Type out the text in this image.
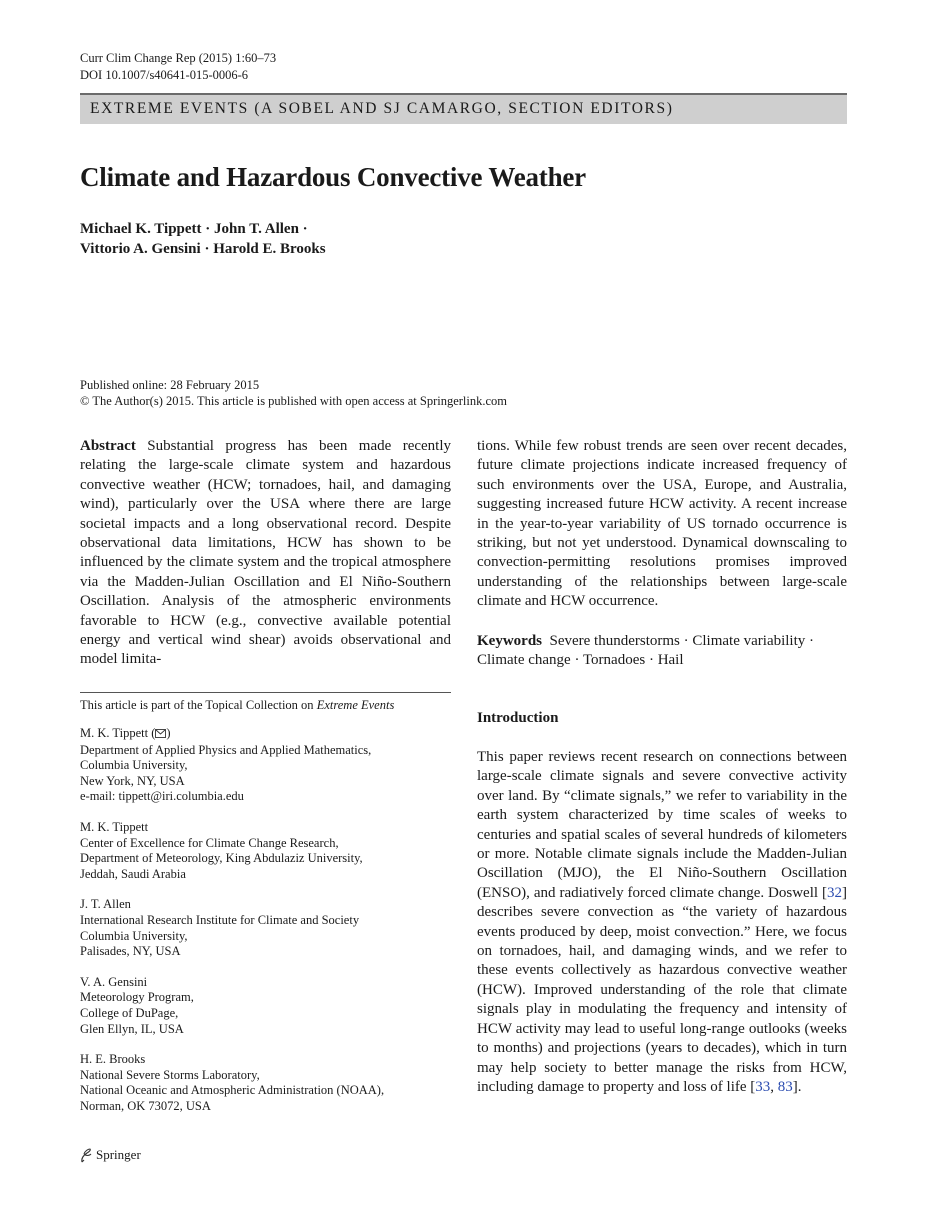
Curr Clim Change Rep (2015) 1:60–73
DOI 10.1007/s40641-015-0006-6
EXTREME EVENTS (A SOBEL AND SJ CAMARGO, SECTION EDITORS)
Climate and Hazardous Convective Weather
Michael K. Tippett · John T. Allen ·
Vittorio A. Gensini · Harold E. Brooks
Published online: 28 February 2015
© The Author(s) 2015. This article is published with open access at Springerlink.com
Abstract Substantial progress has been made recently relating the large-scale climate system and hazardous convective weather (HCW; tornadoes, hail, and damaging wind), particularly over the USA where there are large societal impacts and a long observational record. Despite observational data limitations, HCW has shown to be influenced by the climate system and the tropical atmosphere via the Madden-Julian Oscillation and El Niño-Southern Oscillation. Analysis of the atmospheric environments favorable to HCW (e.g., convective available potential energy and vertical wind shear) avoids observational and model limita-
tions. While few robust trends are seen over recent decades, future climate projections indicate increased frequency of such environments over the USA, Europe, and Australia, suggesting increased future HCW activity. A recent increase in the year-to-year variability of US tornado occurrence is striking, but not yet understood. Dynamical downscaling to convection-permitting resolutions promises improved understanding of the relationships between large-scale climate and HCW occurrence.
Keywords Severe thunderstorms · Climate variability · Climate change · Tornadoes · Hail
Introduction
This paper reviews recent research on connections between large-scale climate signals and severe convective activity over land. By “climate signals,” we refer to variability in the earth system characterized by time scales of weeks to centuries and spatial scales of several hundreds of kilometers or more. Notable climate signals include the Madden-Julian Oscillation (MJO), the El Niño-Southern Oscillation (ENSO), and radiatively forced climate change. Doswell [32] describes severe convection as “the variety of hazardous events produced by deep, moist convection.” Here, we focus on tornadoes, hail, and damaging winds, and we refer to these events collectively as hazardous convective weather (HCW). Improved understanding of the role that climate signals play in modulating the frequency and intensity of HCW activity may lead to useful long-range outlooks (weeks to months) and projections (years to decades), which in turn may help society to better manage the risks from HCW, including damage to property and loss of life [33, 83].
This article is part of the Topical Collection on Extreme Events
M. K. Tippett ( )
Department of Applied Physics and Applied Mathematics,
Columbia University,
New York, NY, USA
e-mail: tippett@iri.columbia.edu
M. K. Tippett
Center of Excellence for Climate Change Research,
Department of Meteorology, King Abdulaziz University,
Jeddah, Saudi Arabia
J. T. Allen
International Research Institute for Climate and Society
Columbia University,
Palisades, NY, USA
V. A. Gensini
Meteorology Program,
College of DuPage,
Glen Ellyn, IL, USA
H. E. Brooks
National Severe Storms Laboratory,
National Oceanic and Atmospheric Administration (NOAA),
Norman, OK 73072, USA
Springer
